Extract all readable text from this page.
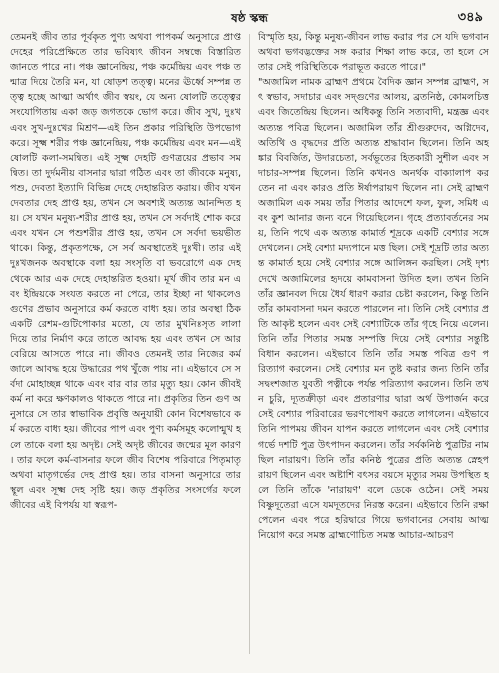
ষষ্ঠ স্কন্ধ	৩৪৯
তেমনই জীব তার পূর্বকৃত পুণ্য অথবা পাপকর্ম অনুসারে প্রাপ্ত দেহের পরিপ্রেক্ষিতে তার ভবিষ্যৎ জীবন সম্বন্ধে বিস্তারিত জানতে পারে না। পঞ্চ জ্ঞানেন্দ্রিয়, পঞ্চ কর্মেন্দ্রিয় এবং পঞ্চ তন্মাত্র দিয়ে তৈরি মন, যা ষোড়শ তত্ত্ব। মনের ঊর্ধ্বে সম্পন্ন তত্ত্ব হচ্ছে আত্মা অর্থাৎ জীব স্বয়ং, যে অন্য ষোলটি তত্ত্বের সংযোগিতায় একা জড় জগতকে ভোগ করে। জীব সুখ, দুঃখ এবং সুখ-দুঃখের মিশ্রণ—এই তিন প্রকার পরিস্থিতি উপভোগ করে। সূক্ষ্ম শরীর পঞ্চ জ্ঞানেন্দ্রিয়, পঞ্চ কর্মেন্দ্রিয় এবং মন—এই ষোলটি কলা-সমন্বিত। এই সূক্ষ্ম দেহটি গুণত্রয়ের প্রভাব সমন্বিত। তা দুর্দমনীয় বাসনার দ্বারা গঠিত এবং তা জীবকে মনুষ্য, পশু, দেবতা ইত্যাদি বিভিন্ন দেহে দেহান্তরিত করায়। জীব যখন দেবতার দেহ প্রাপ্ত হয়, তখন সে অবশ্যই অত্যন্ত আনন্দিত হয়। সে যখন মনুষ্য-শরীর প্রাপ্ত হয়, তখন সে সর্বদাই শোক করে এবং যখন সে পশুশরীর প্রাপ্ত হয়, তখন সে সর্বদা ভয়ভীত থাকে। কিন্তু, প্রকৃতপক্ষে, সে সর্ব অবস্থাতেই দুঃখী। তার এই দুঃখজনক অবস্থাকে বলা হয় সংসৃতি বা ভবরোগে এক দেহ থেকে আর এক দেহে দেহান্তরিত হওয়া। মূর্খ জীব তার মন এবং ইন্দ্রিয়কে সংযত করতে না পেরে, তার ইচ্ছা না থাকলেও গুণের প্রভাব অনুসারে কর্ম করতে বাধ্য হয়। তার অবস্থা ঠিক একটি রেশম-গুটিপোকার মতো, যে তার মুখনিঃসৃত লালা দিয়ে তার নির্মাণ করে তাতে আবদ্ধ হয় এবং তখন সে আর বেরিয়ে আসতে পারে না। জীবও তেমনই তার নিজের কর্মজালে আবদ্ধ হয়ে উদ্ধারের পথ খুঁজে পায় না। এইভাবে সে সর্বদা মোহাচ্ছন্ন থাকে এবং বার বার তার মৃত্যু হয়। কোন জীবই কর্ম না করে ক্ষণকালও থাকতে পারে না। প্রকৃতির তিন গুণ অনুসারে সে তার স্বাভাবিক প্রবৃত্তি অনুযায়ী কোন বিশেষভাবে কর্ম করতে বাধ্য হয়। জীবের পাপ এবং পুণ্য কর্মসমূহ কলোন্মুখ হলে তাকে বলা হয় অদৃষ্ট। সেই অদৃষ্ট জীবের জন্মের মূল কারণ। তার ফলে কর্ম-বাসনার ফলে জীব বিশেষ পরিবারে পিতৃমাতৃ অথবা মাতৃগর্ভের দেহ প্রাপ্ত হয়। তার বাসনা অনুসারে তার স্থূল এবং সূক্ষ্ম দেহ সৃষ্টি হয়। জড় প্রকৃতির সংসর্গের ফলে জীবের এই বিপর্যয় যা স্বরূপ-
বিস্মৃতি হয়, কিন্তু মনুষ্য-জীবন লাভ করার পর সে যদি ভগবান অথবা ভগবদ্ভক্তের সঙ্গ করার শিক্ষা লাভ করে, তা হলে সে তার সেই পরিস্থিতিকে পরাভূত করতে পারে।"
"অজামিল নামক ব্রাহ্মণ প্রথমে বৈদিক জ্ঞান সম্পন্ন ব্রাহ্মণ, সৎ স্বভাব, সদাচার এবং সদ্গুণের আলয়, ব্রতনিষ্ঠ, কোমলচিত্ত এবং জিতেন্দ্রিয় ছিলেন। অধিকন্তু তিনি সত্যবাদী, মন্ত্রজ্ঞ এবং অত্যন্ত পবিত্র ছিলেন। অজামিল তাঁর শ্রীগুরুদেব, অগ্নিদেব, অতিথি ও বৃদ্ধদের প্রতি অত্যন্ত শ্রদ্ধাবান ছিলেন। তিনি অহঙ্কার বিবর্জিত, উদারচেতা, সর্বভূতের হিতকারী সুশীল এবং সদাচার-সম্পন্ন ছিলেন। তিনি কখনও অনর্থক বাক্যালাপ করতেন না এবং কারও প্রতি ঈর্ষাপরায়ণ ছিলেন না। সেই ব্রাহ্মণ অজামিল এক সময় তাঁর পিতার আদেশে ফল, ফুল, সমিধ এবং কুশ আনার জন্য বনে গিয়েছিলেন। গৃহে প্রত্যাবর্তনের সময়, তিনি পথে এক অত্যন্ত কামার্ত শূদ্রকে একটি বেশ্যার সঙ্গে দেখলেন। সেই বেশ্যা মদ্যপানে মত্ত ছিল। সেই শূদ্রটি তার অত্যন্ত কামার্ত হয়ে সেই বেশ্যার সঙ্গে আলিঙ্গন করছিল। সেই দৃশ্য দেখে অজামিলের হৃদয়ে কামবাসনা উদিত হল। তখন তিনি তাঁর জ্ঞানবল দিয়ে ধৈর্য ধারণ করার চেষ্টা করলেন, কিন্তু তিনি তাঁর কামবাসনা দমন করতে পারলেন না। তিনি সেই বেশ্যার প্রতি আকৃষ্ট হলেন এবং সেই বেশ্যাটিকে তাঁর গৃহে নিয়ে এলেন। তিনি তাঁর পিতার সমস্ত সম্পত্তি দিয়ে সেই বেশ্যার সন্তুষ্টি বিধান করলেন। এইভাবে তিনি তাঁর সমস্ত পবিত্র গুণ পরিত্যাগ করলেন। সেই বেশ্যার মন তুষ্ট করার জন্য তিনি তাঁর সদ্বংশজাত যুবতী পত্নীকে পর্যন্ত পরিত্যাগ করলেন। তিনি তখন চুরি, দ্যূতক্রীড়া এবং প্রতারণার দ্বারা অর্থ উপার্জন করে সেই বেশ্যার পরিবারের ভরণপোষণ করতে লাগলেন। এইভাবে তিনি পাপময় জীবন যাপন করতে লাগলেন এবং সেই বেশ্যার গর্ভে দশটি পুত্র উৎপাদন করলেন। তাঁর সর্বকনিষ্ঠ পুত্রটির নাম ছিল নারায়ণ। তিনি তাঁর কনিষ্ঠ পুত্রের প্রতি অত্যন্ত স্নেহপরায়ণ ছিলেন এবং অষ্টাশি বৎসর বয়সে মৃত্যুর সময় উপস্থিত হলে তিনি তাঁকে 'নারায়ণ' বলে ডেকে ওঠেন। সেই সময় বিষ্ণুদূতেরা এসে যমদূতদের নিরস্ত করেন। এইভাবে তিনি রক্ষা পেলেন এবং পরে হরিদ্বারে গিয়ে ভগবানের সেবায় আত্মনিয়োগ করে সমস্ত ব্রাহ্মণোচিত সমস্ত আচার-আচরণ
